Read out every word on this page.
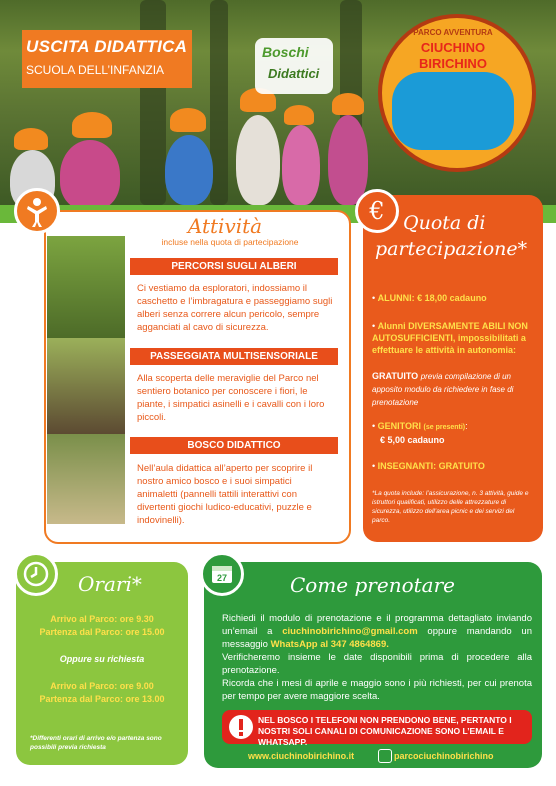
USCITA DIDATTICA
SCUOLA DELL’INFANZIA
Boschi
Didattici
PARCO AVVENTURA
CIUCHINO
BIRICHINO
Attività
incluse nella quota di partecipazione
PERCORSI SUGLI ALBERI
Ci vestiamo da esploratori, indossiamo il caschetto e l’imbragatura e passeggiamo sugli alberi senza correre alcun pericolo, sempre agganciati al cavo di sicurezza.
PASSEGGIATA MULTISENSORIALE
Alla scoperta delle meraviglie del Parco nel sentiero botanico per conoscere i fiori, le piante, i simpatici asinelli e i cavalli con i loro piccoli.
BOSCO DIDATTICO
Nell’aula didattica all’aperto per scoprire il nostro amico bosco e i suoi simpatici animaletti (pannelli tattili interattivi con divertenti giochi ludico-educativi, puzzle e indovinelli).
€ Quota di
partecipazione*
• ALUNNI: € 18,00 cadauno
• Alunni DIVERSAMENTE ABILI NON AUTOSUFFICIENTI, impossibilitati a effettuare le attività in autonomia:
GRATUITO previa compilazione di un apposito modulo da richiedere in fase di prenotazione
• GENITORI (se presenti):
€ 5,00 cadauno
• INSEGNANTI: GRATUITO
*La quota include: l’assicurazione, n. 3 attività, guide e istruttori qualificati, utilizzo delle attrezzature di sicurezza, utilizzo dell’area picnic e dei servizi del parco.
Orari*
Arrivo al Parco: ore 9.30
Partenza dal Parco: ore 15.00
Oppure su richiesta
Arrivo al Parco: ore 9.00
Partenza dal Parco: ore 13.00
*Differenti orari di arrivo e/o partenza sono possibili previa richiesta
27	Come prenotare
Richiedi il modulo di prenotazione e il programma dettagliato inviando un’email a ciuchinobirichino@gmail.com oppure mandando un messaggio WhatsApp al 347 4864869.
Verificheremo insieme le date disponibili prima di procedere alla prenotazione.
Ricorda che i mesi di aprile e maggio sono i più richiesti, per cui prenota per tempo per avere maggiore scelta.
NEL BOSCO I TELEFONI NON PRENDONO BENE, PERTANTO I NOSTRI SOLI CANALI DI COMUNICAZIONE SONO L’EMAIL E WHATSAPP.
www.ciuchinobirichino.it	parcociuchinobirichino
